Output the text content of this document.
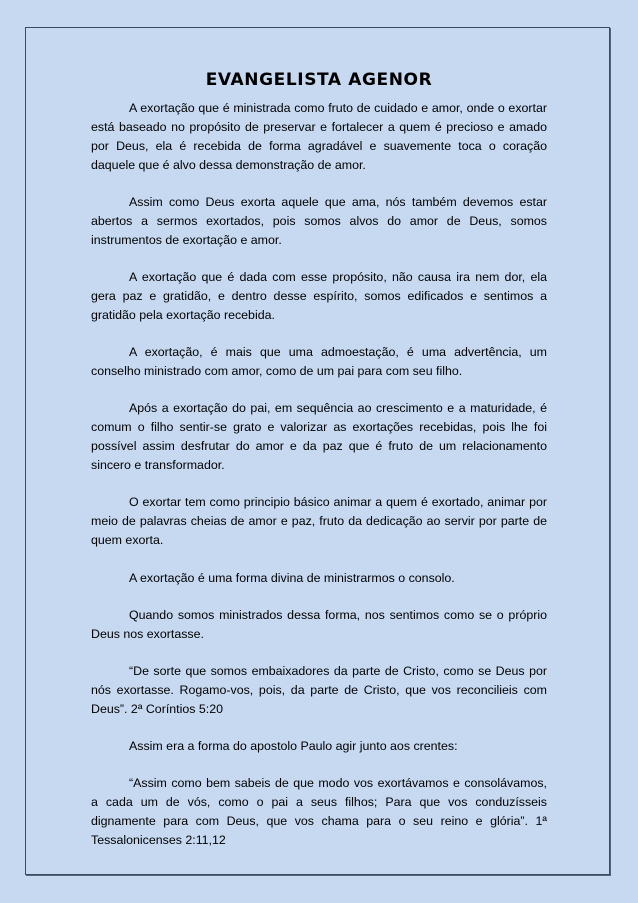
EVANGELISTA AGENOR

A exortação que é ministrada como fruto de cuidado e amor, onde o exortar está baseado no propósito de preservar e fortalecer a quem é precioso e amado por Deus, ela é recebida de forma agradável e suavemente toca o coração daquele que é alvo dessa demonstração de amor.

Assim como Deus exorta aquele que ama, nós também devemos estar abertos a sermos exortados, pois somos alvos do amor de Deus, somos instrumentos de exortação e amor.

A exortação que é dada com esse propósito, não causa ira nem dor, ela gera paz e gratidão, e dentro desse espírito, somos edificados e sentimos a gratidão pela exortação recebida.

A exortação, é mais que uma admoestação, é uma advertência, um conselho ministrado com amor, como de um pai para com seu filho.

Após a exortação do pai, em sequência ao crescimento e a maturidade, é comum o filho sentir-se grato e valorizar as exortações recebidas, pois lhe foi possível assim desfrutar do amor e da paz que é fruto de um relacionamento sincero e transformador.

O exortar tem como principio básico animar a quem é exortado, animar por meio de palavras cheias de amor e paz, fruto da dedicação ao servir por parte de quem exorta.

A exortação é uma forma divina de ministrarmos o consolo.

Quando somos ministrados dessa forma, nos sentimos como se o próprio Deus nos exortasse.

“De sorte que somos embaixadores da parte de Cristo, como se Deus por nós exortasse. Rogamo-vos, pois, da parte de Cristo, que vos reconcilieis com Deus”. 2ª Coríntios 5:20

Assim era a forma do apostolo Paulo agir junto aos crentes:

“Assim como bem sabeis de que modo vos exortávamos e consolávamos, a cada um de vós, como o pai a seus filhos; Para que vos conduzísseis dignamente para com Deus, que vos chama para o seu reino e glória”. 1ª Tessalonicenses 2:11,12
